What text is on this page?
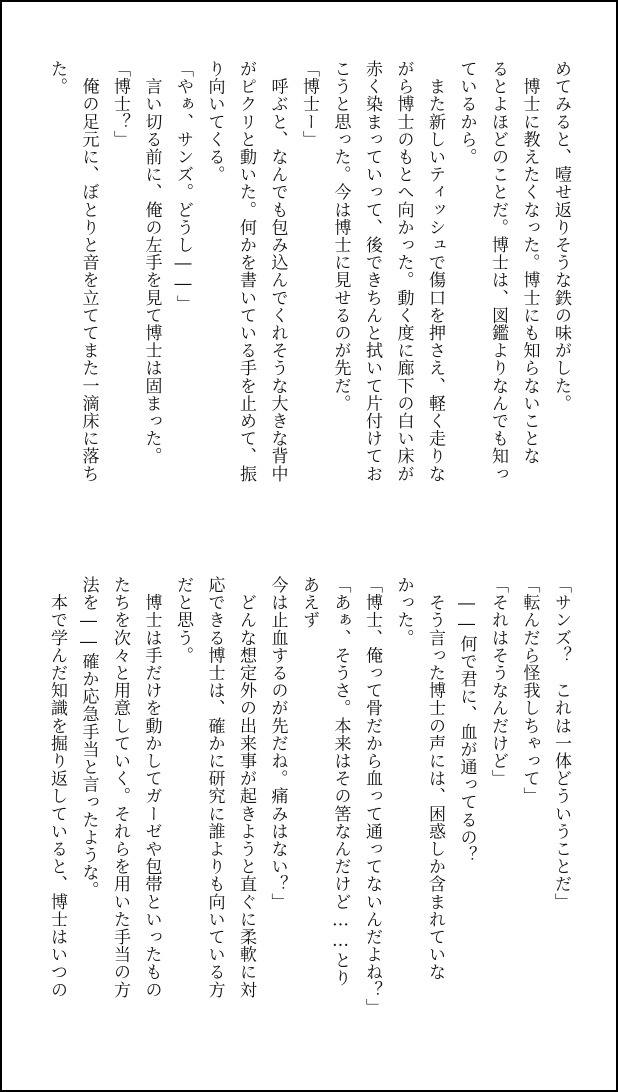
めてみると、噎せ返りそうな鉄の味がした。

　博士に教えたくなった。博士にも知らないことな

るとよほどのことだ。博士は、図鑑よりなんでも知っ

ているから。

　また新しいティッシュで傷口を押さえ、軽く走りな

がら博士のもとへ向かった。動く度に廊下の白い床が

赤く染まっていって、後できちんと拭いて片付けてお

こうと思った。今は博士に見せるのが先だ。

「博士ー」

　呼ぶと、なんでも包み込んでくれそうな大きな背中

がピクリと動いた。何かを書いている手を止めて、振

り向いてくる。

「やぁ、サンズ。どうし――」

　言い切る前に、俺の左手を見て博士は固まった。

「博士？」

　俺の足元に、ぼとりと音を立ててまた一滴床に落ち

た。

「サンズ？　これは一体どういうことだ」

「転んだら怪我しちゃって」

「それはそうなんだけど」

　――何で君に、血が通ってるの？

　そう言った博士の声には、困惑しか含まれていな

かった。

「博士、俺って骨だから血って通ってないんだよね？」

「あぁ、そうさ。本来はその筈なんだけど……とり

あえず

今は止血するのが先だね。痛みはない？」

　どんな想定外の出来事が起きようと直ぐに柔軟に対

応できる博士は、確かに研究に誰よりも向いている方

だと思う。

　博士は手だけを動かしてガーゼや包帯といったもの

たちを次々と用意していく。それらを用いた手当の方

法を――確か応急手当と言ったような。

　本で学んだ知識を掘り返していると、博士はいつの
